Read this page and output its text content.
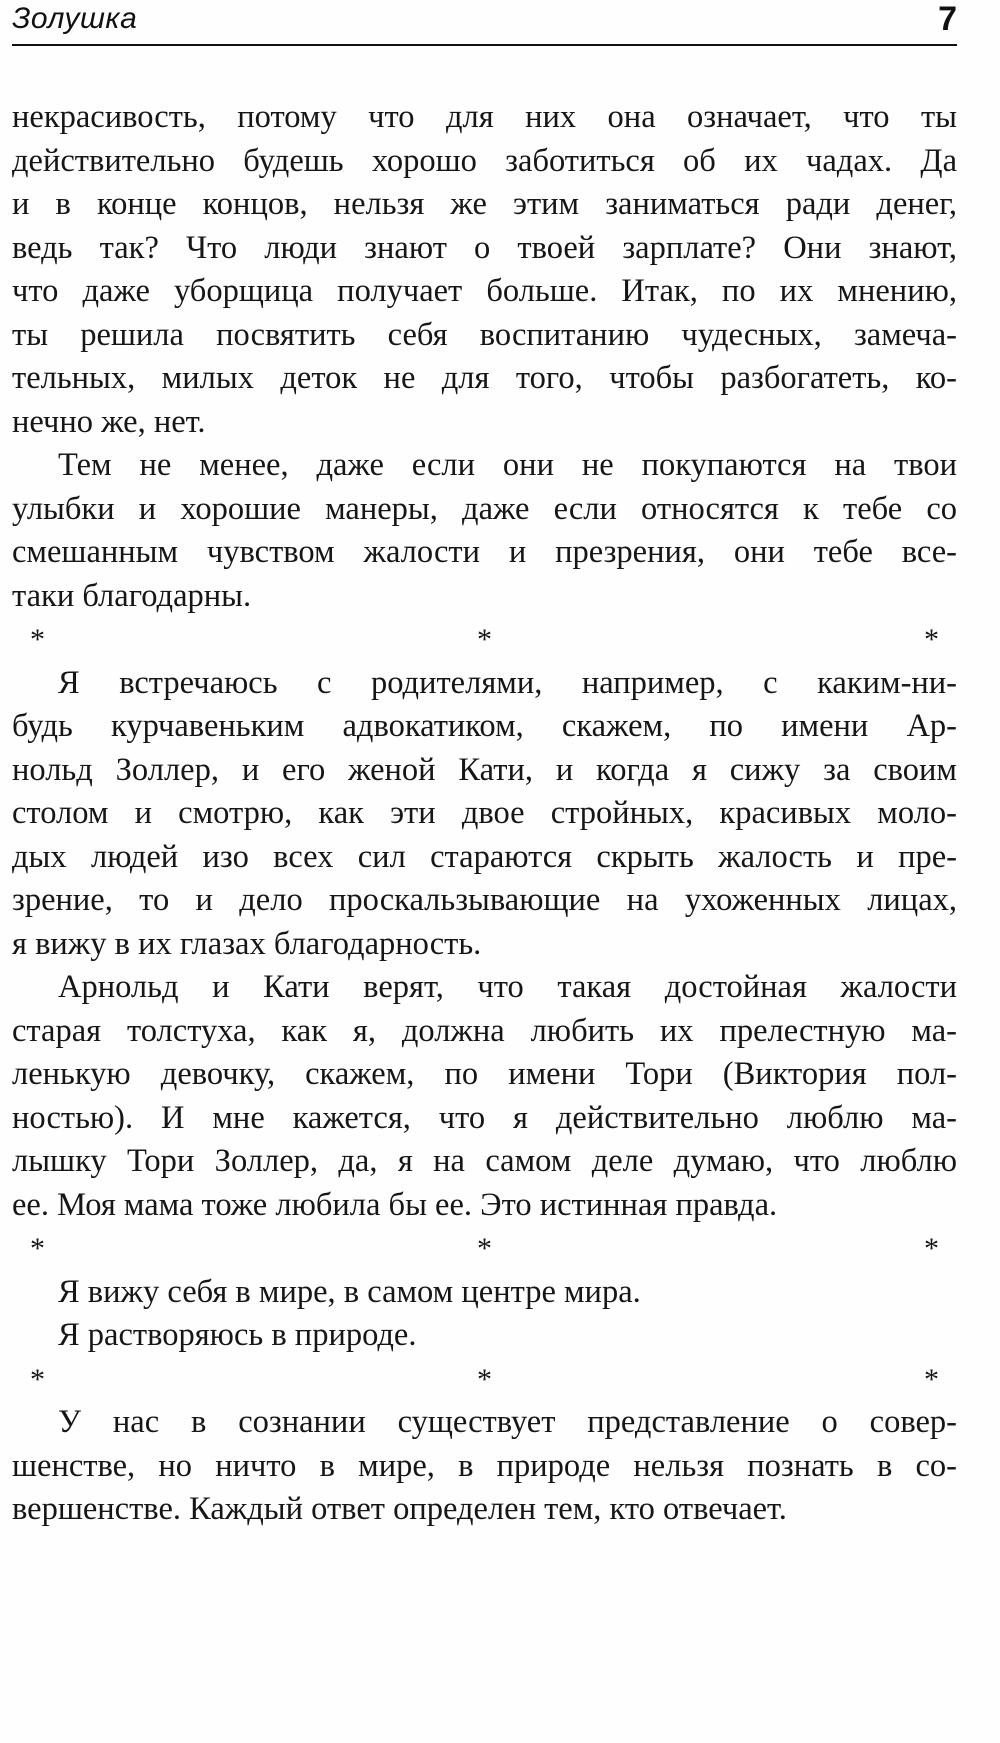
Золушка	7

некрасивость, потому что для них она означает, что ты

действительно будешь хорошо заботиться об их чадах. Да

и в конце концов, нельзя же этим заниматься ради денег,

ведь так? Что люди знают о твоей зарплате? Они знают,

что даже уборщица получает больше. Итак, по их мнению,

ты решила посвятить себя воспитанию чудесных, замеча-

тельных, милых деток не для того, чтобы разбогатеть, ко-

нечно же, нет.

Тем не менее, даже если они не покупаются на твои

улыбки и хорошие манеры, даже если относятся к тебе со

смешанным чувством жалости и презрения, они тебе все-

таки благодарны.

* * *

Я встречаюсь с родителями, например, с каким-ни-

будь курчавеньким адвокатиком, скажем, по имени Ар-

нольд Золлер, и его женой Кати, и когда я сижу за своим

столом и смотрю, как эти двое стройных, красивых моло-

дых людей изо всех сил стараются скрыть жалость и пре-

зрение, то и дело проскальзывающие на ухоженных лицах,

я вижу в их глазах благодарность.

Арнольд и Кати верят, что такая достойная жалости

старая толстуха, как я, должна любить их прелестную ма-

ленькую девочку, скажем, по имени Тори (Виктория пол-

ностью). И мне кажется, что я действительно люблю ма-

лышку Тори Золлер, да, я на самом деле думаю, что люблю

ее. Моя мама тоже любила бы ее. Это истинная правда.

* * *

Я вижу себя в мире, в самом центре мира.

Я растворяюсь в природе.

* * *

У нас в сознании существует представление о совер-

шенстве, но ничто в мире, в природе нельзя познать в со-

вершенстве. Каждый ответ определен тем, кто отвечает.
